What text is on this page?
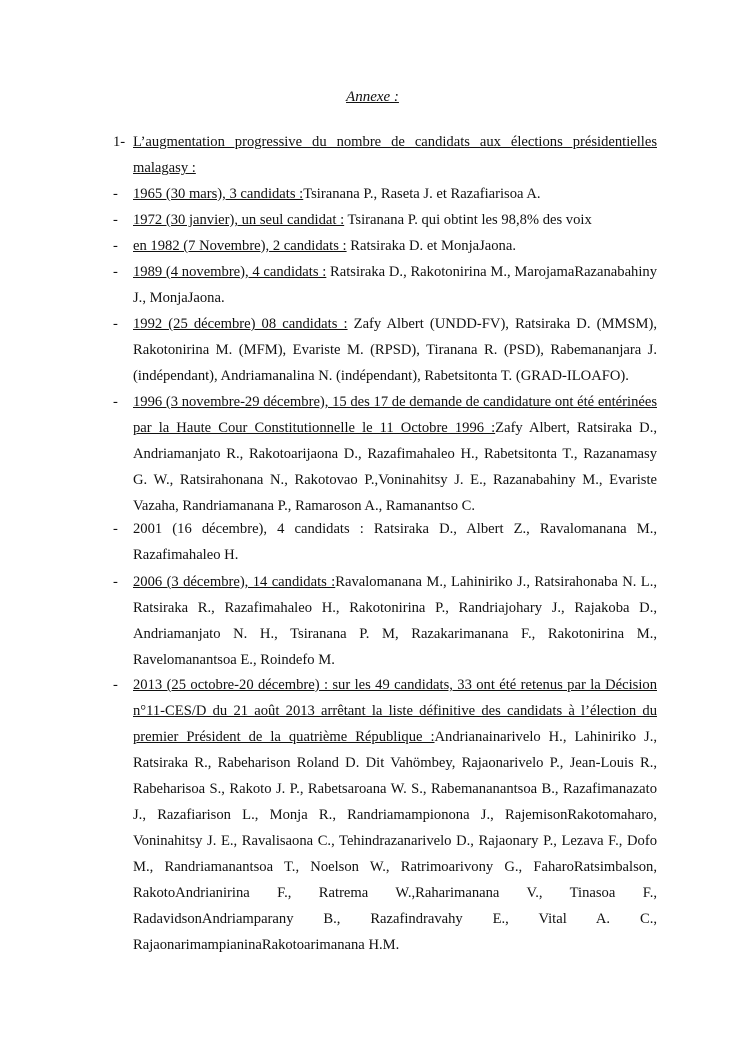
Annexe :
1- L’augmentation progressive du nombre de candidats aux élections présidentielles malagasy :
-	1965 (30 mars), 3 candidats :Tsiranana P., Raseta J. et Razafiarisoa A.
-	1972 (30 janvier), un seul candidat : Tsiranana P. qui obtint les 98,8% des voix
-	en 1982 (7 Novembre), 2 candidats : Ratsiraka D. et MonjaJaona.
-	1989 (4 novembre), 4 candidats : Ratsiraka D., Rakotonirina M., MarojamaRazanabahiny J., MonjaJaona.
-	1992 (25 décembre) 08 candidats : Zafy Albert (UNDD-FV), Ratsiraka D. (MMSM), Rakotonirina M. (MFM), Evariste M. (RPSD), Tiranana R. (PSD), Rabemananjara J. (indépendant), Andriamanalina N. (indépendant), Rabetsitonta T. (GRAD-ILOAFO).
-	1996 (3 novembre-29 décembre), 15 des 17 de demande de candidature ont été entérinées par la Haute Cour Constitutionnelle le 11 Octobre 1996 :Zafy Albert, Ratsiraka D., Andriamanjato R., Rakotoarijaona D., Razafimahaleo H., Rabetsitonta T., Razanamasy G. W., Ratsirahonana N., Rakotovao P.,Voninahitsy J. E., Razanabahiny M., Evariste Vazaha, Randriamanana P., Ramaroson A., Ramanantso C.
-	2001 (16 décembre), 4 candidats : Ratsiraka D., Albert Z., Ravalomanana M., Razafimahaleo H.
-	2006 (3 décembre), 14 candidats :Ravalomanana M., Lahiniriko J., Ratsirahonaba N. L., Ratsiraka R., Razafimahaleo H., Rakotonirina P., Randriajohary J., Rajakoba D., Andriamanjato N. H., Tsiranana P. M, Razakarimanana F., Rakotonirina M., Ravelomanantsoa E., Roindefo M.
-	2013 (25 octobre-20 décembre) : sur les 49 candidats, 33 ont été retenus par la Décision n°11-CES/D du 21 août 2013 arrêtant la liste définitive des candidats à l’élection du premier Président de la quatrième République :Andrianainarivelo H., Lahiniriko J., Ratsiraka R., Rabeharison Roland D. Dit Vahömbey, Rajaonarivelo P., Jean-Louis R., Rabeharisoa S., Rakoto J. P., Rabetsaroana W. S., Rabemananantsoa B., Razafimanazato J., Razafiarison L., Monja R., Randriamampionona J., RajemisonRakotomaharo, Voninahitsy J. E., Ravalisaona C., Tehindrazanarivelo D., Rajaonary P., Lezava F., Dofo M., Randriamanantsoa T., Noelson W., Ratrimoarivony G., FaharoRatsimbalson, RakotoAndrianirina F., Ratrema W.,Raharimanana V., Tinasoa F., RadavidsonAndriamparany B., Razafindravahy E., Vital A. C., RajaonarimampianinaRakotoarimanana H.M.
